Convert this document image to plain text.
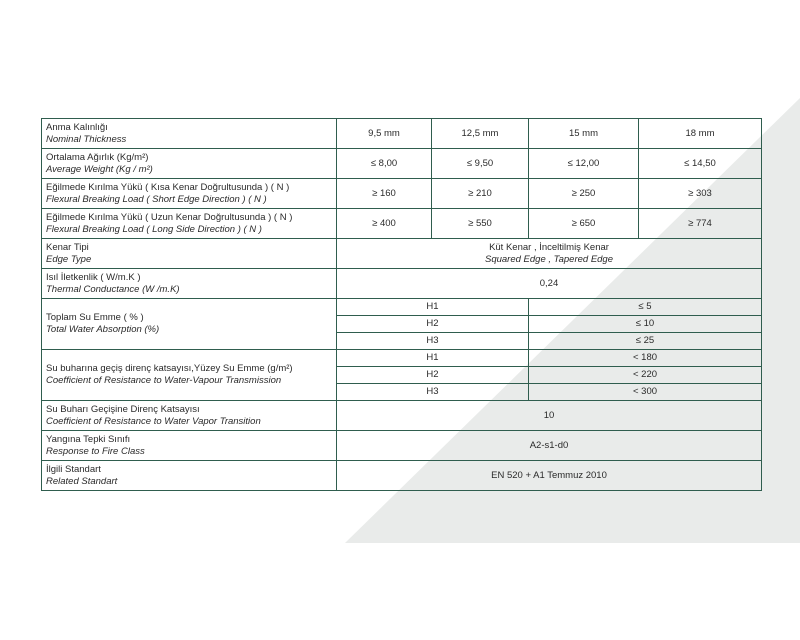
Anma Kalınlığı
Nominal Thickness	9,5 mm	12,5 mm	15 mm	18 mm

Ortalama Ağırlık (Kg/m²)
Average Weight (Kg / m²)	≤ 8,00	≤ 9,50	≤ 12,00	≤ 14,50

Eğilmede Kırılma Yükü ( Kısa Kenar Doğrultusunda ) ( N )
Flexural Breaking Load ( Short Edge Direction ) ( N )	≥ 160	≥ 210	≥ 250	≥ 303

Eğilmede Kırılma Yükü ( Uzun Kenar Doğrultusunda ) ( N )
Flexural Breaking Load ( Long Side Direction ) ( N )	≥ 400	≥ 550	≥ 650	≥ 774

Kenar Tipi
Edge Type	Küt Kenar , İnceltilmiş Kenar
Squared Edge , Tapered Edge			

Isıl İletkenlik ( W/m.K )
Thermal Conductance (W /m.K)	0,24			

Toplam Su Emme ( % )
Total Water Absorption (%)	H1		≤ 5	
	H2		≤ 10	
	H3		≤ 25	

Su buharına geçiş direnç katsayısı,Yüzey Su Emme (g/m²)
Coefficient of Resistance to Water-Vapour Transmission	H1		< 180	
	H2		< 220	
	H3		< 300	

Su Buharı Geçişine Direnç Katsayısı
Coefficient of Resistance to Water Vapor Transition	10			

Yangına Tepki Sınıfı
Response to Fire Class	A2-s1-d0			

İlgili Standart
Related Standart	EN 520 + A1 Temmuz 2010			
